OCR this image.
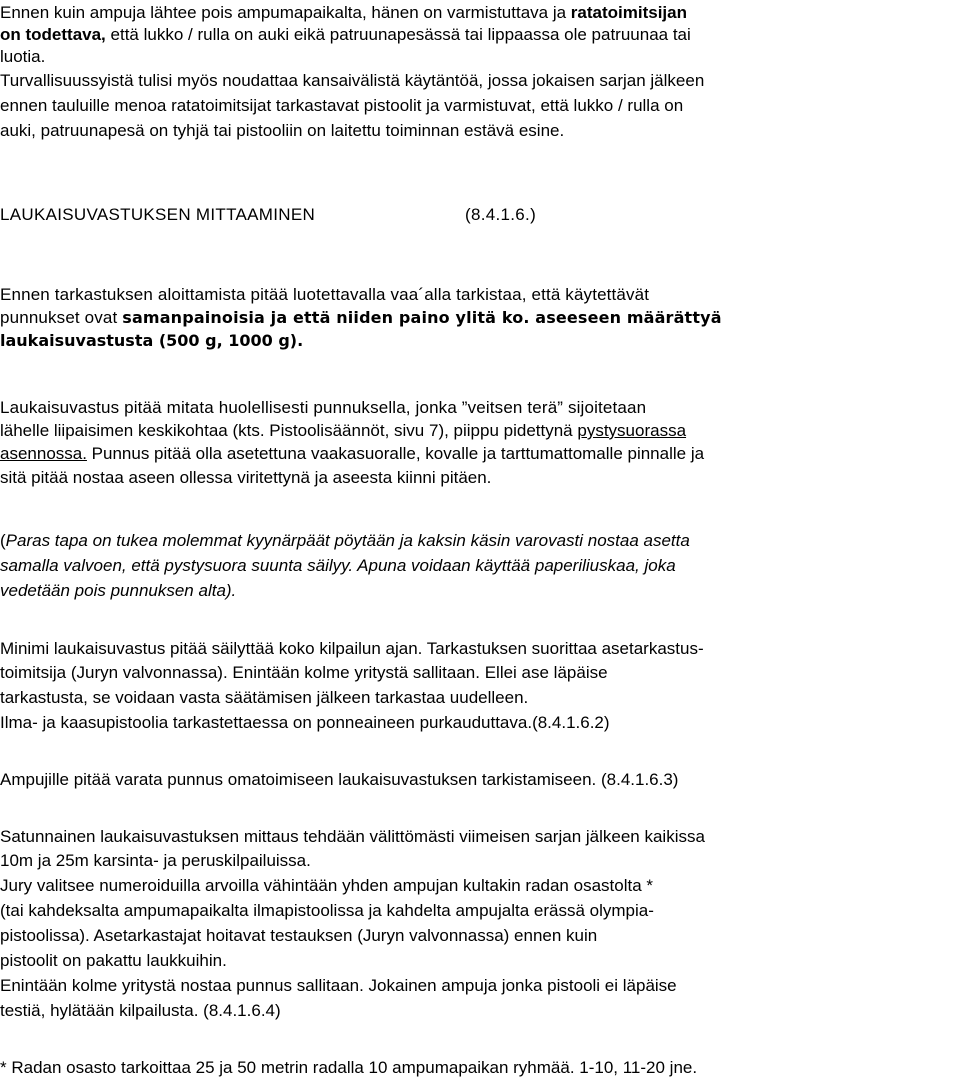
Ennen kuin ampuja lähtee pois ampumapaikalta, hänen on varmistuttava ja ratatoimitsijan
on todettava, että lukko / rulla on auki eikä patruunapesässä tai lippaassa ole patruunaa tai
luotia.
Turvallisuussyistä tulisi myös noudattaa kansaivälistä käytäntöä, jossa jokaisen sarjan jälkeen
ennen tauluille menoa ratatoimitsijat tarkastavat pistoolit ja varmistuvat, että lukko / rulla on
auki, patruunapesä on tyhjä tai pistooliin on laitettu toiminnan estävä esine.
LAUKAISUVASTUKSEN MITTAAMINEN	(8.4.1.6.)
Ennen tarkastuksen aloittamista pitää luotettavalla vaa´alla tarkistaa, että käytettävät
punnukset ovat samanpainoisia ja että niiden paino ylitä ko. aseeseen määrättyä
laukaisuvastusta (500 g, 1000 g).
Laukaisuvastus pitää mitata huolellisesti punnuksella, jonka ”veitsen terä” sijoitetaan
lähelle liipaisimen keskikohtaa (kts. Pistoolisäännöt, sivu 7), piippu pidettynä pystysuorassa
asennossa. Punnus pitää olla asetettuna vaakasuoralle, kovalle ja tarttumattomalle pinnalle ja
sitä pitää nostaa aseen ollessa viritettynä ja aseesta kiinni pitäen.
(Paras tapa on tukea molemmat kyynärpäät pöytään ja kaksin käsin varovasti nostaa asetta
samalla valvoen, että pystysuora suunta säilyy. Apuna voidaan käyttää paperiliuskaa, joka
vedetään pois punnuksen alta).
Minimi laukaisuvastus pitää säilyttää koko kilpailun ajan. Tarkastuksen suorittaa asetarkastus-
toimitsija (Juryn valvonnassa). Enintään kolme yritystä sallitaan. Ellei ase läpäise
tarkastusta, se voidaan vasta säätämisen jälkeen tarkastaa uudelleen.
Ilma- ja kaasupistoolia tarkastettaessa on ponneaineen purkauduttava.(8.4.1.6.2)
Ampujille pitää varata punnus omatoimiseen laukaisuvastuksen tarkistamiseen. (8.4.1.6.3)
Satunnainen laukaisuvastuksen mittaus tehdään välittömästi viimeisen sarjan jälkeen kaikissa
10m ja 25m karsinta- ja peruskilpailuissa.
Jury valitsee numeroiduilla arvoilla vähintään yhden ampujan kultakin radan osastolta *
(tai kahdeksalta ampumapaikalta ilmapistoolissa ja kahdelta ampujalta erässä olympia-
pistoolissa). Asetarkastajat hoitavat testauksen (Juryn valvonnassa) ennen kuin
pistoolit on pakattu laukkuihin.
Enintään kolme yritystä nostaa punnus sallitaan. Jokainen ampuja jonka pistooli ei läpäise
testiä, hylätään kilpailusta. (8.4.1.6.4)
* Radan osasto tarkoittaa 25 ja 50 metrin radalla 10 ampumapaikan ryhmää. 1-10, 11-20 jne.
